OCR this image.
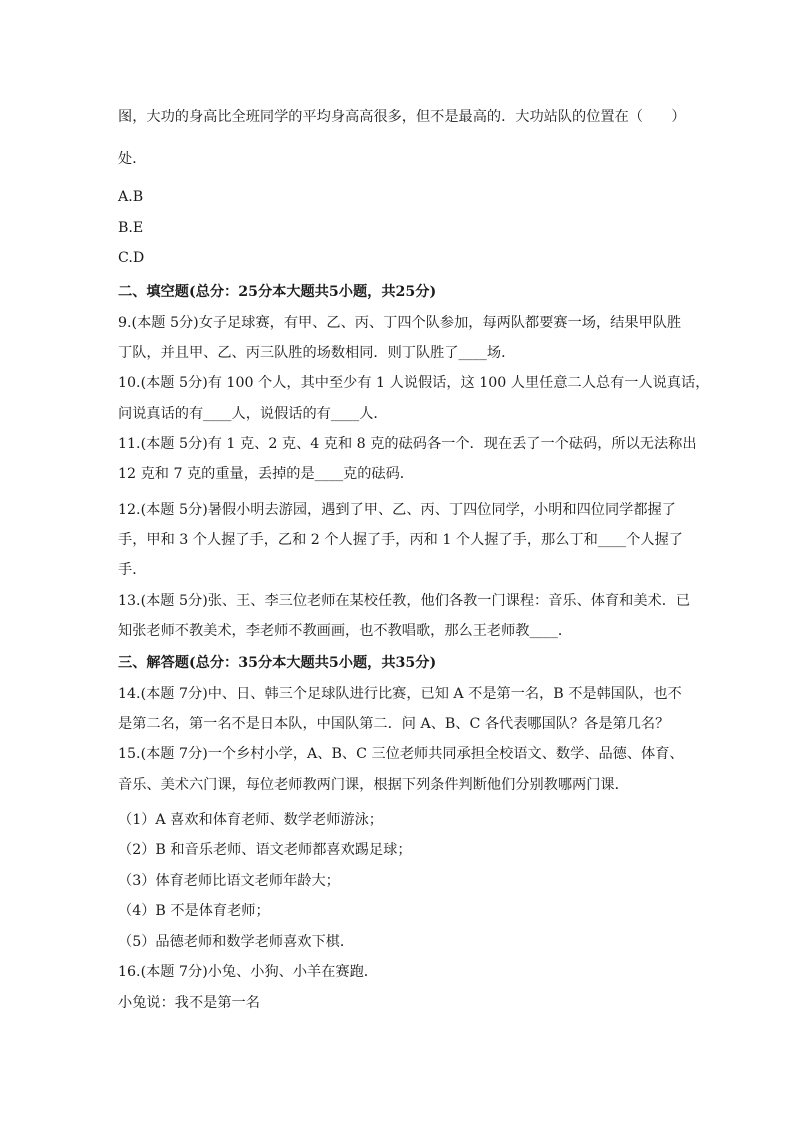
图，大功的身高比全班同学的平均身高高很多，但不是最高的．大功站队的位置在（　　）
处．
A.B
B.E
C.D
二、填空题(总分：25分本大题共5小题，共25分)
9.(本题 5分)女子足球赛，有甲、乙、丙、丁四个队参加，每两队都要赛一场，结果甲队胜
丁队，并且甲、乙、丙三队胜的场数相同．则丁队胜了____场．
10.(本题 5分)有 100 个人，其中至少有 1 人说假话，这 100 人里任意二人总有一人说真话，
问说真话的有____人，说假话的有____人．
11.(本题 5分)有 1 克、2 克、4 克和 8 克的砝码各一个．现在丢了一个砝码，所以无法称出
12 克和 7 克的重量，丢掉的是____克的砝码．
12.(本题 5分)暑假小明去游园，遇到了甲、乙、丙、丁四位同学，小明和四位同学都握了
手，甲和 3 个人握了手，乙和 2 个人握了手，丙和 1 个人握了手，那么丁和____个人握了
手．
13.(本题 5分)张、王、李三位老师在某校任教，他们各教一门课程：音乐、体育和美术．已
知张老师不教美术，李老师不教画画，也不教唱歌，那么王老师教____．
三、解答题(总分：35分本大题共5小题，共35分)
14.(本题 7分)中、日、韩三个足球队进行比赛，已知 A 不是第一名，B 不是韩国队，也不
是第二名，第一名不是日本队，中国队第二．问 A、B、C 各代表哪国队？各是第几名？
15.(本题 7分)一个乡村小学，A、B、C 三位老师共同承担全校语文、数学、品德、体育、
音乐、美术六门课，每位老师教两门课，根据下列条件判断他们分别教哪两门课．
（1）A 喜欢和体育老师、数学老师游泳；
（2）B 和音乐老师、语文老师都喜欢踢足球；
（3）体育老师比语文老师年龄大；
（4）B 不是体育老师；
（5）品德老师和数学老师喜欢下棋．
16.(本题 7分)小兔、小狗、小羊在赛跑．
小兔说：我不是第一名
